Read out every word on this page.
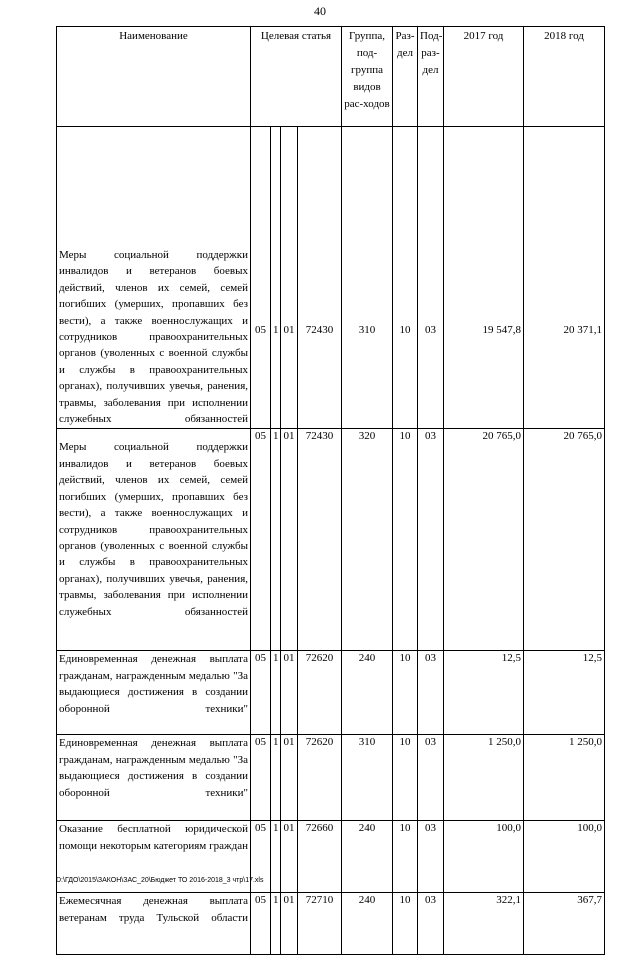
40
Наименование	Целевая статья				Группа, под-группа видов рас-ходов	Раз-дел	Под-раз-дел	2017 год	2018 год
Меры социальной поддержки инвалидов и ветеранов боевых действий, членов их семей, семей погибших (умерших, пропавших без вести), а также военнослужащих и сотрудников правоохранительных органов (уволенных с военной службы и службы в правоохранительных органах), получивших увечья, ранения, травмы, заболевания при исполнении служебных обязанностей	05	1	01	72430	310	10	03	19 547,8	20 371,1
Меры социальной поддержки инвалидов и ветеранов боевых действий, членов их семей, семей погибших (умерших, пропавших без вести), а также военнослужащих и сотрудников правоохранительных органов (уволенных с военной службы и службы в правоохранительных органах), получивших увечья, ранения, травмы, заболевания при исполнении служебных обязанностей	05	1	01	72430	320	10	03	20 765,0	20 765,0
Единовременная денежная выплата гражданам, награжденным медалью "За выдающиеся достижения в создании оборонной техники"	05	1	01	72620	240	10	03	12,5	12,5
Единовременная денежная выплата гражданам, награжденным медалью "За выдающиеся достижения в создании оборонной техники"	05	1	01	72620	310	10	03	1 250,0	1 250,0
Оказание бесплатной юридической помощи некоторым категориям граждан	05	1	01	72660	240	10	03	100,0	100,0
Ежемесячная денежная выплата ветеранам труда Тульской области	05	1	01	72710	240	10	03	322,1	367,7
D:\ГДО\2015\ЗАКОН\ЗАС_20\Бюджет ТО 2016-2018_3 чтр\17.xls
